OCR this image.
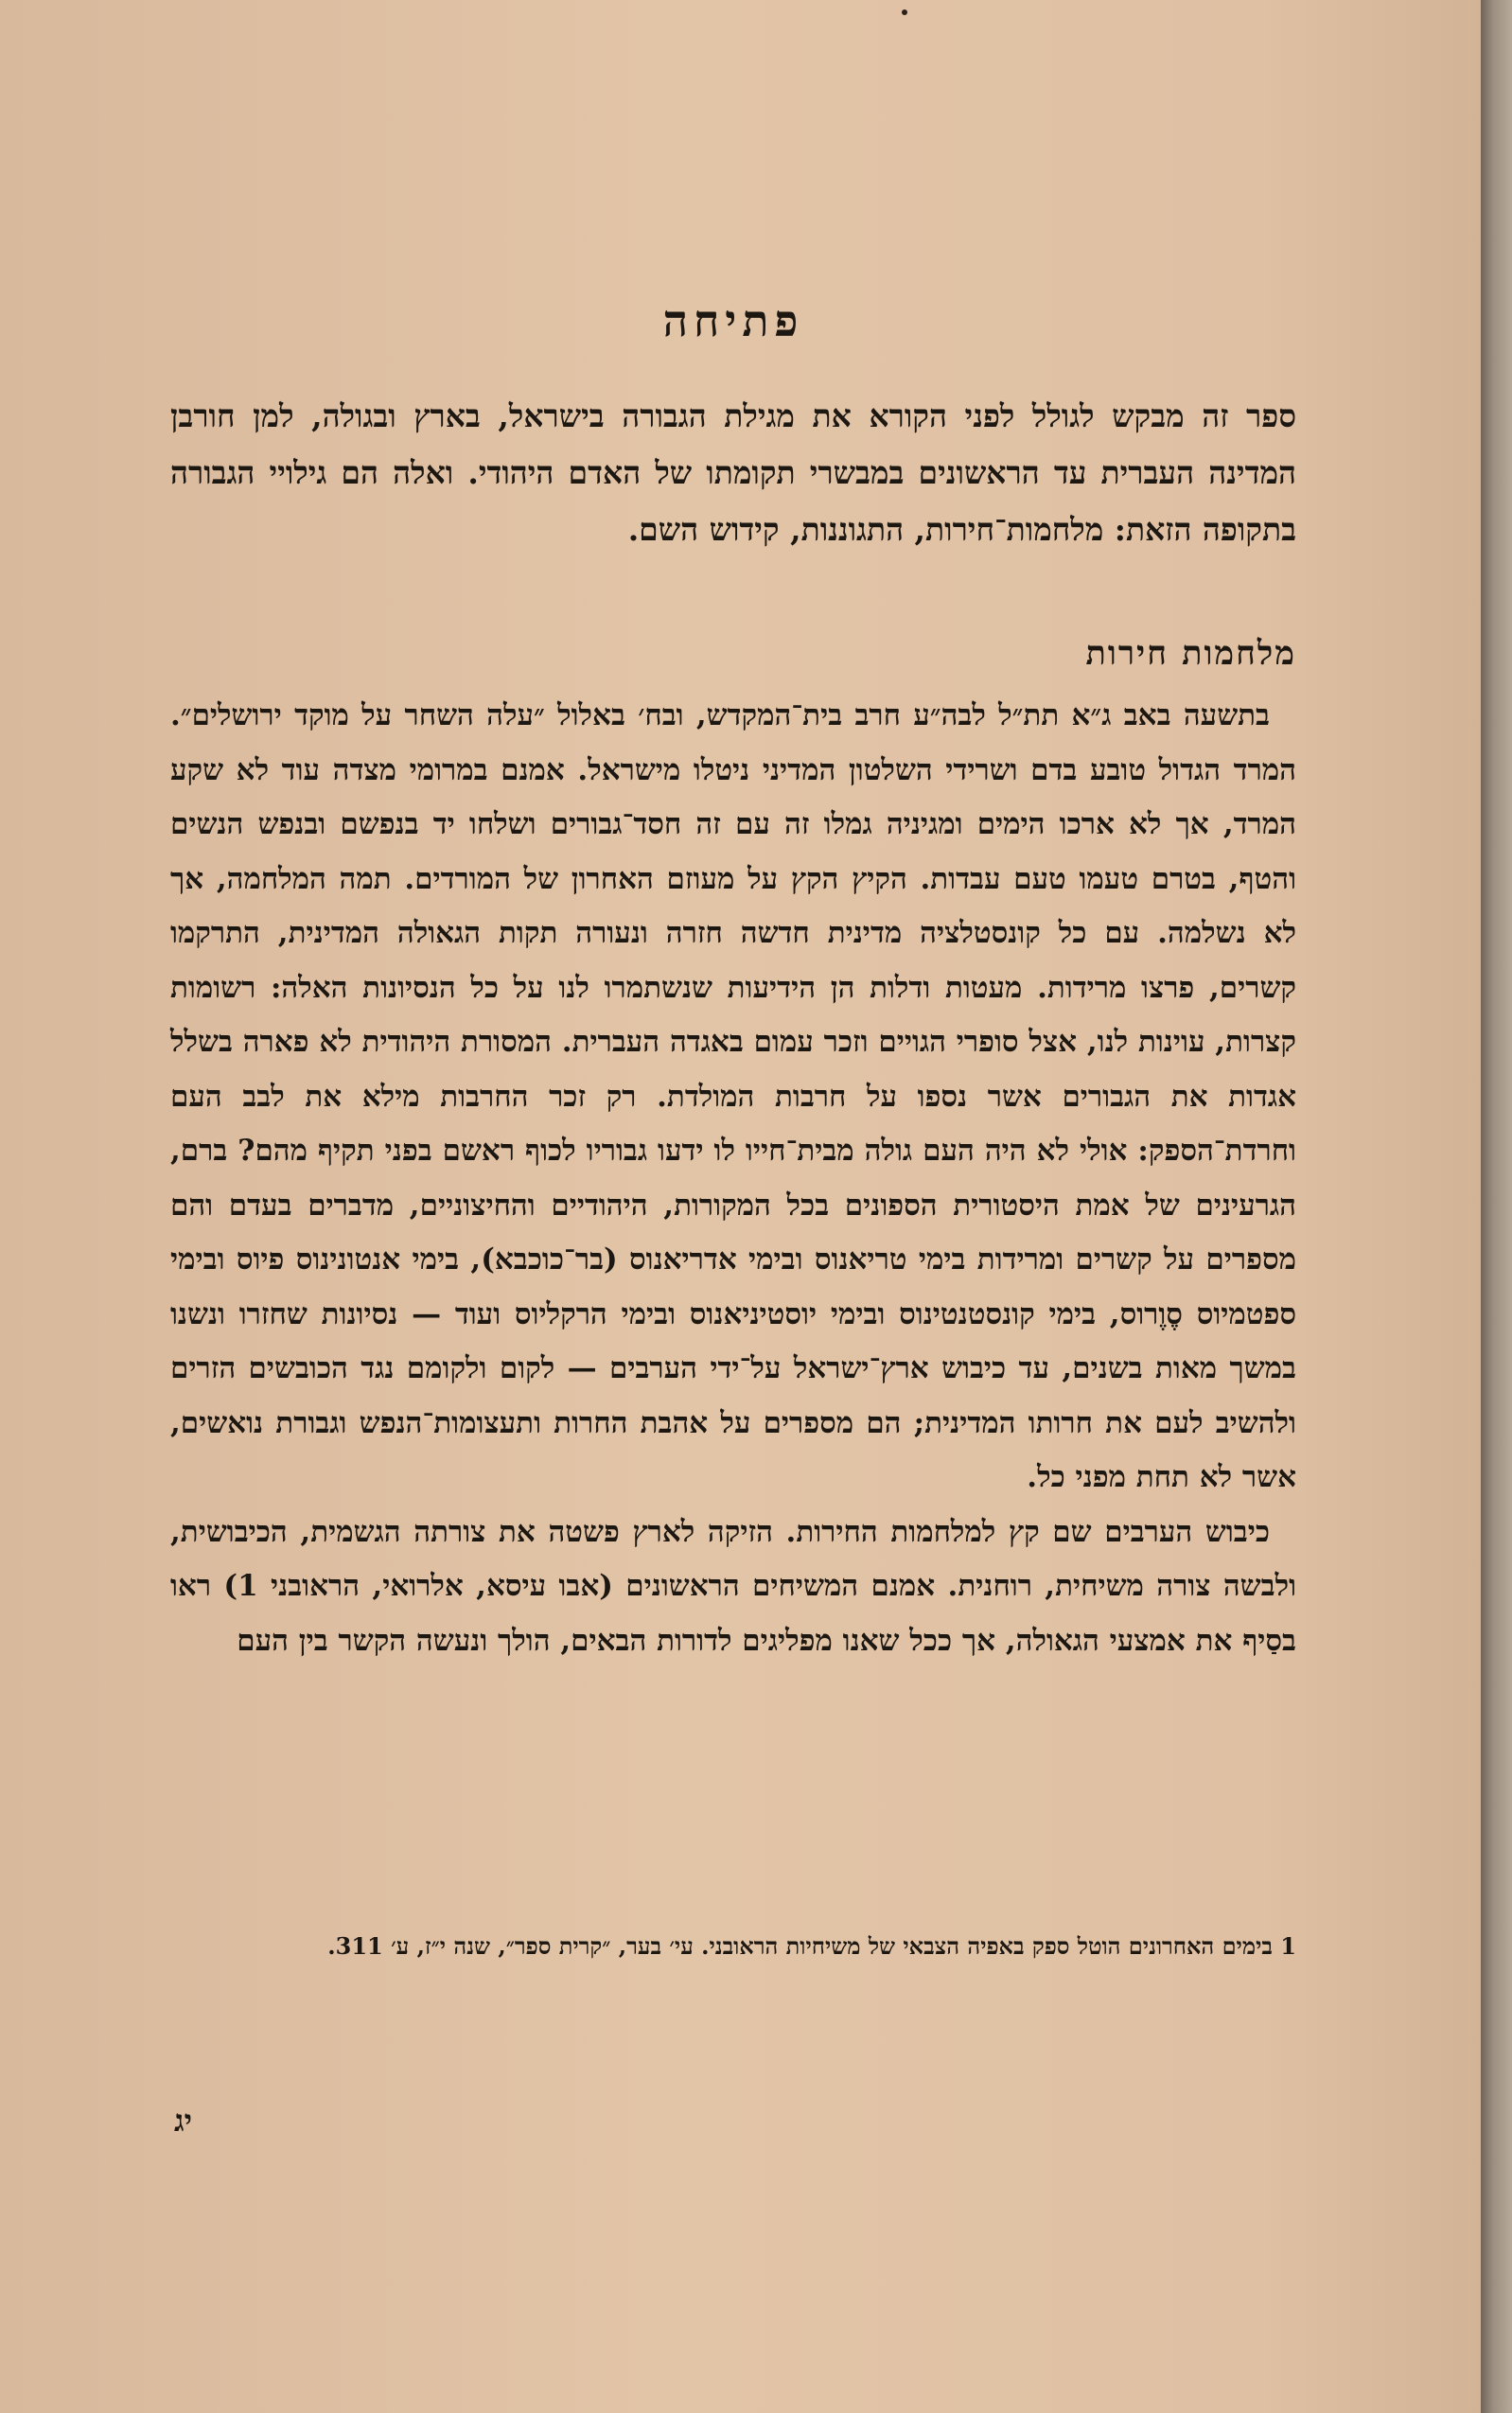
פתיחה
ספר זה מבקש לגולל לפני הקורא את מגילת הגבורה בישראל, בארץ ובגולה, למן חורבן המדינה העברית עד הראשונים במבשרי תקומתו של האדם היהודי. ואלה הם גילויי הגבורה בתקופה הזאת: מלחמות־חירות, התגוננות, קידוש השם.
מלחמות חירות

בתשעה באב ג״א תת״ל לבה״ע חרב בית־המקדש, ובח׳ באלול ״עלה השחר על מוקד ירושלים״. המרד הגדול טובע בדם ושרידי השלטון המדיני ניטלו מישראל. אמנם במרומי מצדה עוד לא שקע המרד, אך לא ארכו הימים ומגיניה גמלו זה עם זה חסד־גבורים ושלחו יד בנפשם ובנפש הנשים והטף, בטרם טעמו טעם עבדות. הקיץ הקץ על מעוזם האחרון של המורדים. תמה המלחמה, אך לא נשלמה. עם כל קונסטלציה מדינית חדשה חזרה ונעורה תקות הגאולה המדינית, התרקמו קשרים, פרצו מרידות. מעטות ודלות הן הידיעות שנשתמרו לנו על כל הנסיונות האלה: רשומות קצרות, עוינות לנו, אצל סופרי הגויים וזכר עמום באגדה העברית. המסורת היהודית לא פארה בשלל אגדות את הגבורים אשר נספו על חרבות המולדת. רק זכר החרבות מילא את לבב העם וחרדת־הספק: אולי לא היה העם גולה מבית־חייו לו ידעו גבוריו לכוף ראשם בפני תקיף מהם? ברם, הגרעינים של אמת היסטורית הספונים בכל המקורות, היהודיים והחיצוניים, מדברים בעדם והם מספרים על קשרים ומרידות בימי טריאנוס ובימי אדריאנוס (בר־כוכבא), בימי אנטונינוס פיוס ובימי ספטמיוס סֶוֶרוס, בימי קונסטנטינוס ובימי יוסטיניאנוס ובימי הרקליוס ועוד — נסיונות שחזרו ונשנו במשך מאות בשנים, עד כיבוש ארץ־ישראל על־ידי הערבים — לקום ולקומם נגד הכובשים הזרים ולהשיב לעם את חרותו המדינית; הם מספרים על אהבת החרות ותעצומות־הנפש וגבורת נואשים, אשר לא תחת מפני כל.

כיבוש הערבים שם קץ למלחמות החירות. הזיקה לארץ פשטה את צורתה הגשמית, הכיבושית, ולבשה צורה משיחית, רוחנית. אמנם המשיחים הראשונים (אבו עיסא, אלרואי, הראובני 1) ראו בסַיף את אמצעי הגאולה, אך ככל שאנו מפליגים לדורות הבאים, הולך ונעשה הקשר בין העם

1 בימים האחרונים הוטל ספק באפיה הצבאי של משיחיות הראובני. עי׳ בער, ״קרית ספר״, שנה י״ז, ע׳ 311.
יג
